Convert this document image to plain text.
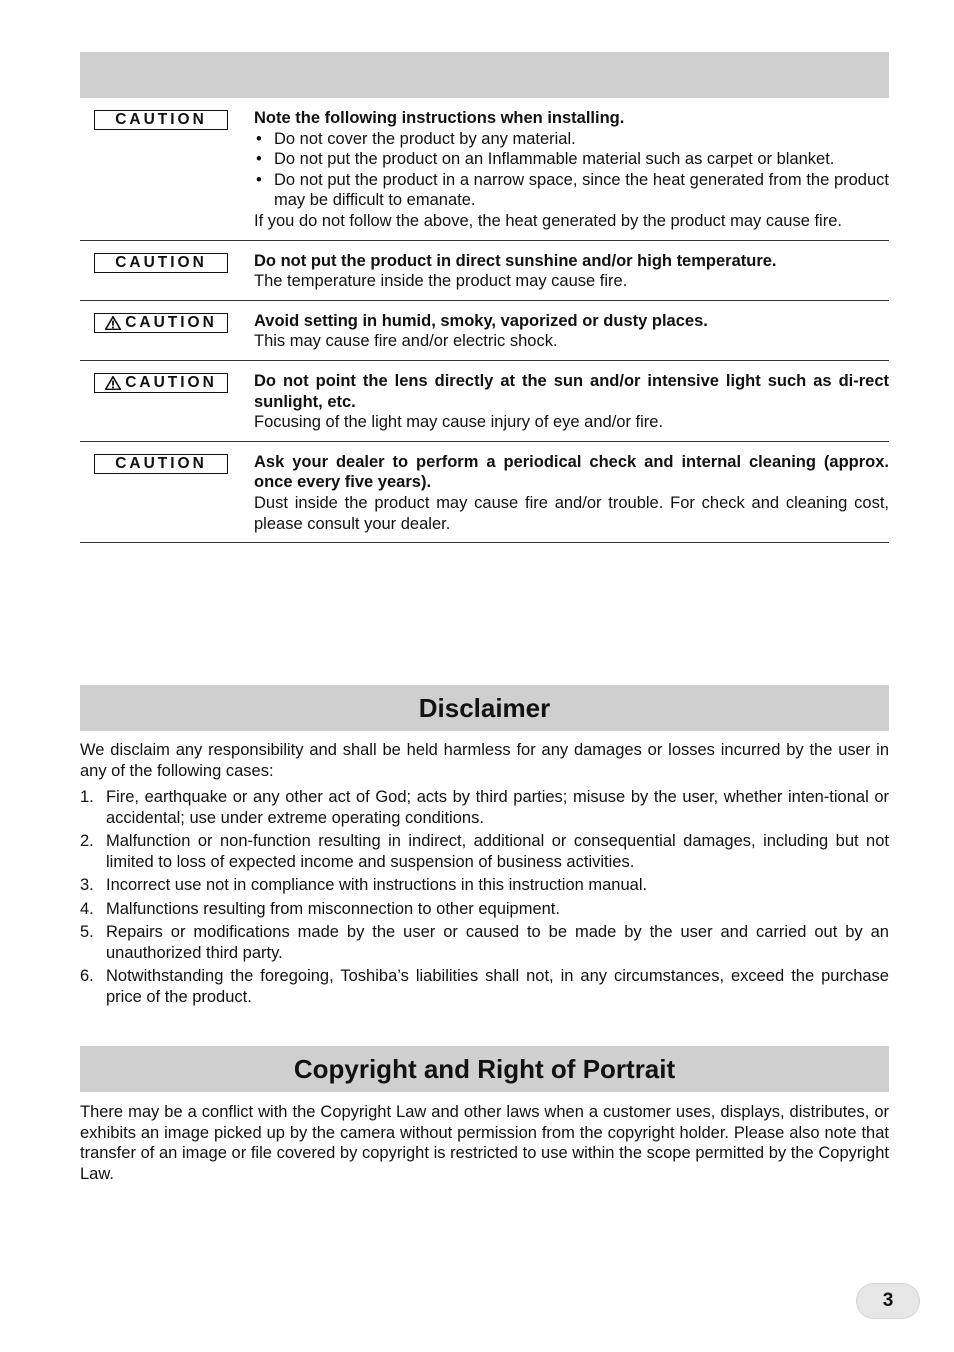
CAUTION	Note the following instructions when installing.
• Do not cover the product by any material.
• Do not put the product on an Inflammable material such as carpet or blanket.
• Do not put the product in a narrow space, since the heat generated from the product may be difficult to emanate.
If you do not follow the above, the heat generated by the product may cause fire.
CAUTION	Do not put the product in direct sunshine and/or high temperature.
The temperature inside the product may cause fire.
CAUTION Avoid setting in humid, smoky, vaporized or dusty places.
This may cause fire and/or electric shock.
CAUTION Do not point the lens directly at the sun and/or intensive light such as di-rect sunlight, etc.
Focusing of the light may cause injury of eye and/or fire.
CAUTION	Ask your dealer to perform a periodical check and internal cleaning (approx. once every five years).
Dust inside the product may cause fire and/or trouble. For check and cleaning cost, please consult your dealer.
Disclaimer
We disclaim any responsibility and shall be held harmless for any damages or losses incurred by the user in any of the following cases:
1. Fire, earthquake or any other act of God; acts by third parties; misuse by the user, whether inten-tional or accidental; use under extreme operating conditions.
2. Malfunction or non-function resulting in indirect, additional or consequential damages, including but not limited to loss of expected income and suspension of business activities.
3. Incorrect use not in compliance with instructions in this instruction manual.
4. Malfunctions resulting from misconnection to other equipment.
5. Repairs or modifications made by the user or caused to be made by the user and carried out by an unauthorized third party.
6. Notwithstanding the foregoing, Toshiba’s liabilities shall not, in any circumstances, exceed the purchase price of the product.
Copyright and Right of Portrait
There may be a conflict with the Copyright Law and other laws when a customer uses, displays, distributes, or exhibits an image picked up by the camera without permission from the copyright holder. Please also note that transfer of an image or file covered by copyright is restricted to use within the scope permitted by the Copyright Law.
3
